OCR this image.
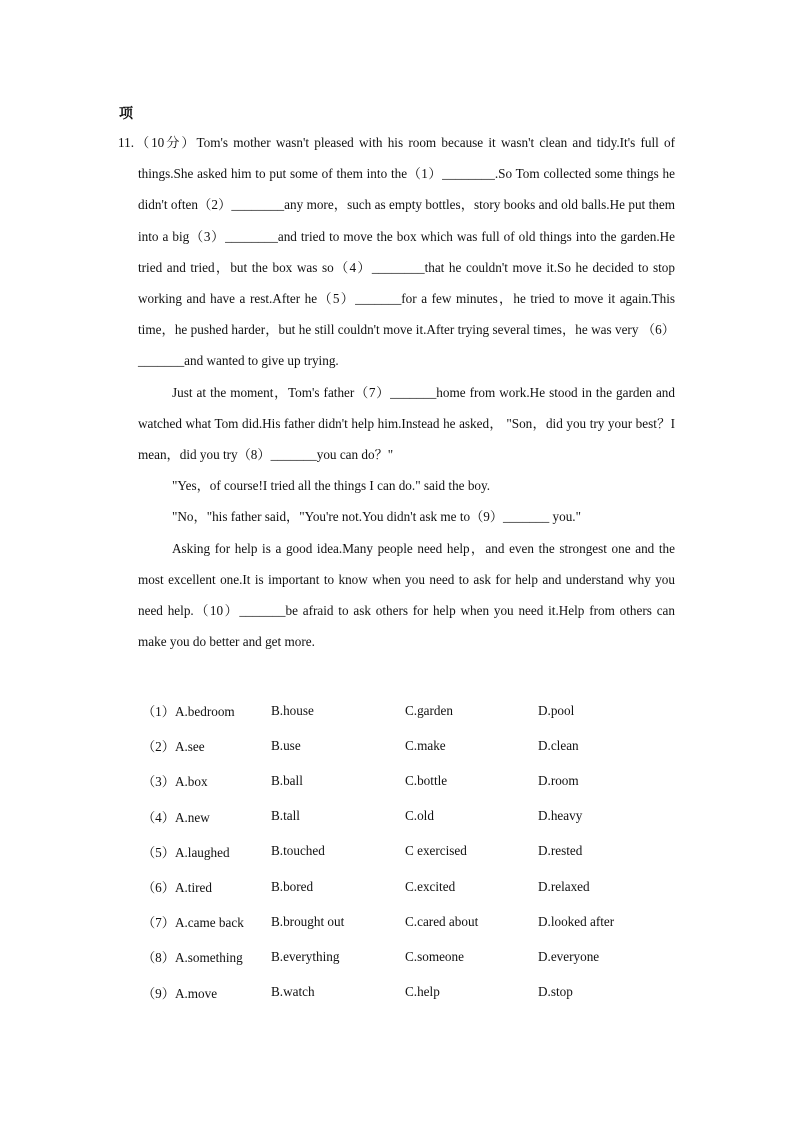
项

11.（10分）Tom's mother wasn't pleased with his room because it wasn't clean and tidy.It's full of things.She asked him to put some of them into the（1）________.So Tom collected some things he didn't often（2）________any more，such as empty bottles，story books and old balls.He put them into a big（3）________and tried to move the box which was full of old things into the garden.He tried and tried，but the box was so（4）________that he couldn't move it.So he decided to stop working and have a rest.After he（5）_______for a few minutes，he tried to move it again.This time，he pushed harder，but he still couldn't move it.After trying several times，he was very （6）_______and wanted to give up trying.

Just at the moment，Tom's father（7）_______home from work.He stood in the garden and watched what Tom did.His father didn't help him.Instead he asked， "Son，did you try your best？I mean，did you try（8）_______you can do？"

"Yes，of course!I tried all the things I can do." said the boy.

"No，"his father said，"You're not.You didn't ask me to（9）_______ you."

Asking for help is a good idea.Many people need help，and even the strongest one and the most excellent one.It is important to know when you need to ask for help and understand why you need help.（10）_______be afraid to ask others for help when you need it.Help from others can make you do better and get more.

（1）A.bedroom	B.house	C.garden	D.pool
（2）A.see	B.use	C.make	D.clean
（3）A.box	B.ball	C.bottle	D.room
（4）A.new	B.tall	C.old	D.heavy
（5）A.laughed	B.touched	C exercised	D.rested
（6）A.tired	B.bored	C.excited	D.relaxed
（7）A.came back	B.brought out	C.cared about	D.looked after
（8）A.something	B.everything	C.someone	D.everyone
（9）A.move	B.watch	C.help	D.stop
